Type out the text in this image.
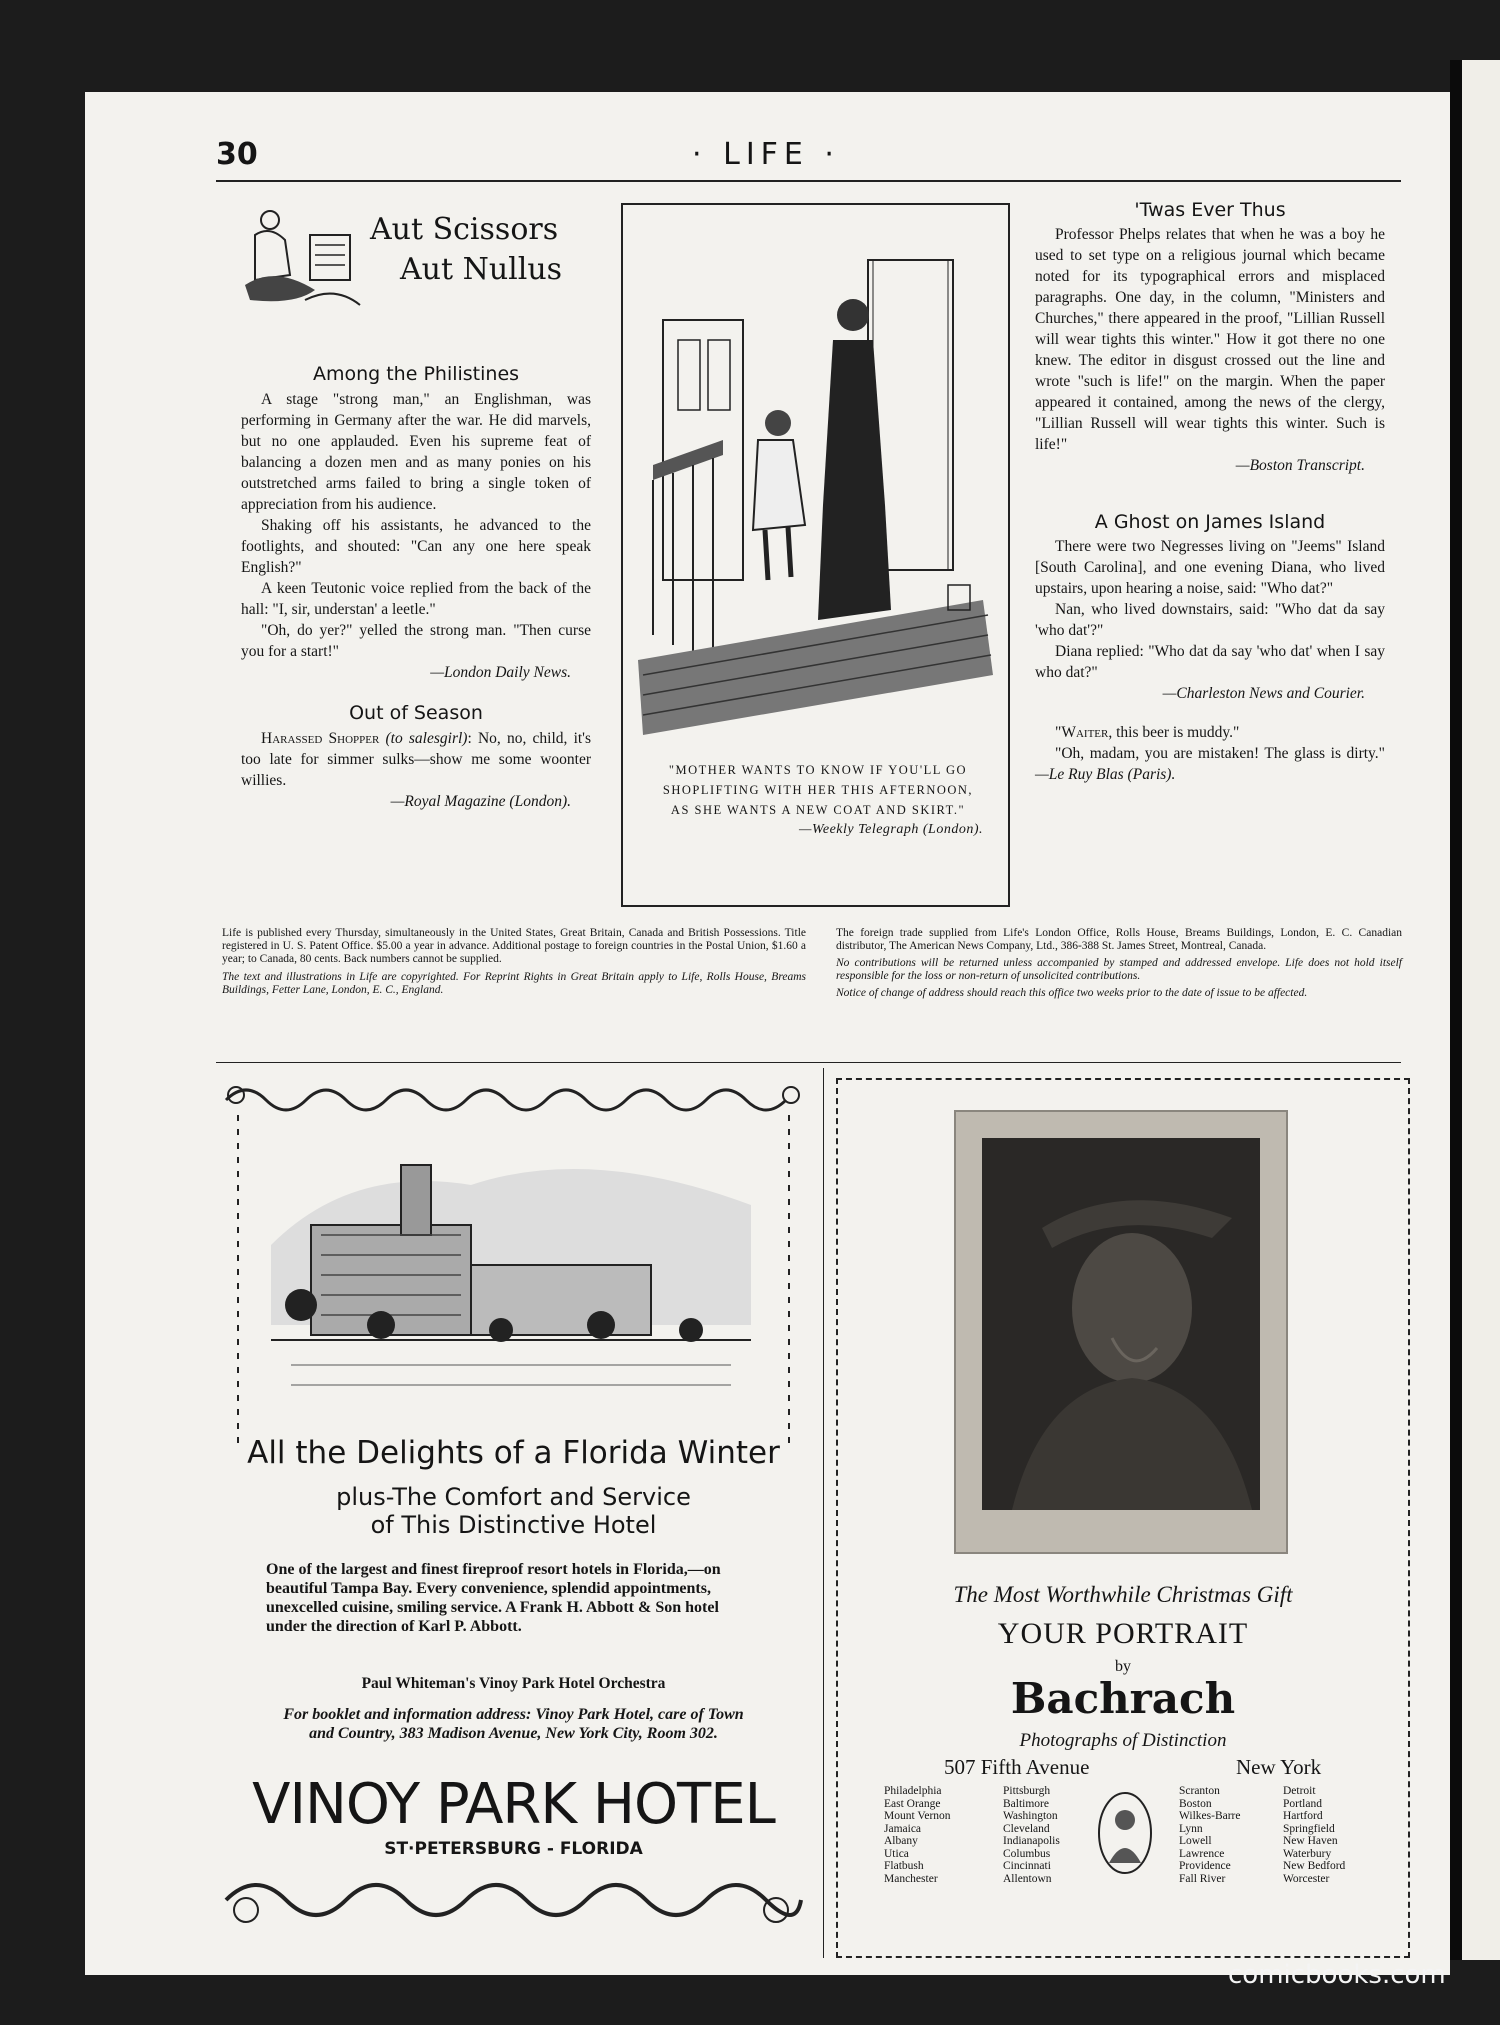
30	· LIFE ·
Aut Scissors
Aut Nullus
Among the Philistines

A stage "strong man," an Englishman, was performing in Germany after the war. He did marvels, but no one applauded. Even his supreme feat of balancing a dozen men and as many ponies on his outstretched arms failed to bring a single token of appreciation from his audience.

Shaking off his assistants, he advanced to the footlights, and shouted: "Can any one here speak English?"

A keen Teutonic voice replied from the back of the hall: "I, sir, understan' a leetle."

"Oh, do yer?" yelled the strong man. "Then curse you for a start!"

—London Daily News.
Out of Season

Harassed Shopper (to salesgirl): No, no, child, it's too late for simmer sulks—show me some woonter willies.

—Royal Magazine (London).
"MOTHER WANTS TO KNOW IF YOU'LL GO SHOPLIFTING WITH HER THIS AFTERNOON, AS SHE WANTS A NEW COAT AND SKIRT."
—Weekly Telegraph (London).
'Twas Ever Thus

Professor Phelps relates that when he was a boy he used to set type on a religious journal which became noted for its typographical errors and misplaced paragraphs. One day, in the column, "Ministers and Churches," there appeared in the proof, "Lillian Russell will wear tights this winter." How it got there no one knew. The editor in disgust crossed out the line and wrote "such is life!" on the margin. When the paper appeared it contained, among the news of the clergy, "Lillian Russell will wear tights this winter. Such is life!"

—Boston Transcript.
A Ghost on James Island

There were two Negresses living on "Jeems" Island [South Carolina], and one evening Diana, who lived upstairs, upon hearing a noise, said: "Who dat?"

Nan, who lived downstairs, said: "Who dat da say 'who dat'?"

Diana replied: "Who dat da say 'who dat' when I say who dat?"

—Charleston News and Courier.

"Waiter, this beer is muddy."

"Oh, madam, you are mistaken! The glass is dirty." —Le Ruy Blas (Paris).

Life is published every Thursday, simultaneously in the United States, Great Britain, Canada and British Possessions. Title registered in U. S. Patent Office. $5.00 a year in advance. Additional postage to foreign countries in the Postal Union, $1.60 a year; to Canada, 80 cents. Back numbers cannot be supplied.
The text and illustrations in Life are copyrighted. For Reprint Rights in Great Britain apply to Life, Rolls House, Breams Buildings, Fetter Lane, London, E. C., England.
The foreign trade supplied from Life's London Office, Rolls House, Breams Buildings, London, E. C. Canadian distributor, The American News Company, Ltd., 386-388 St. James Street, Montreal, Canada.
No contributions will be returned unless accompanied by stamped and addressed envelope. Life does not hold itself responsible for the loss or non-return of unsolicited contributions.
Notice of change of address should reach this office two weeks prior to the date of issue to be affected.
All the Delights of a Florida Winter
plus-The Comfort and Service
of This Distinctive Hotel
One of the largest and finest fireproof resort hotels in Florida,—on beautiful Tampa Bay. Every convenience, splendid appointments, unexcelled cuisine, smiling service. A Frank H. Abbott & Son hotel under the direction of Karl P. Abbott.
Paul Whiteman's Vinoy Park Hotel Orchestra
For booklet and information address: Vinoy Park Hotel, care of Town and Country, 383 Madison Avenue, New York City, Room 302.
VINOY PARK HOTEL
ST·PETERSBURG - FLORIDA
The Most Worthwhile Christmas Gift
YOUR PORTRAIT
by
Bachrach
Photographs of Distinction
507 Fifth Avenue	New York
Philadelphia
East Orange
Mount Vernon
Jamaica
Albany
Utica
Flatbush
Manchester
Pittsburgh
Baltimore
Washington
Cleveland
Indianapolis
Columbus
Cincinnati
Allentown
Scranton
Boston
Wilkes-Barre
Lynn
Lowell
Lawrence
Providence
Fall River
Detroit
Portland
Hartford
Springfield
New Haven
Waterbury
New Bedford
Worcester
comicbooks.com
